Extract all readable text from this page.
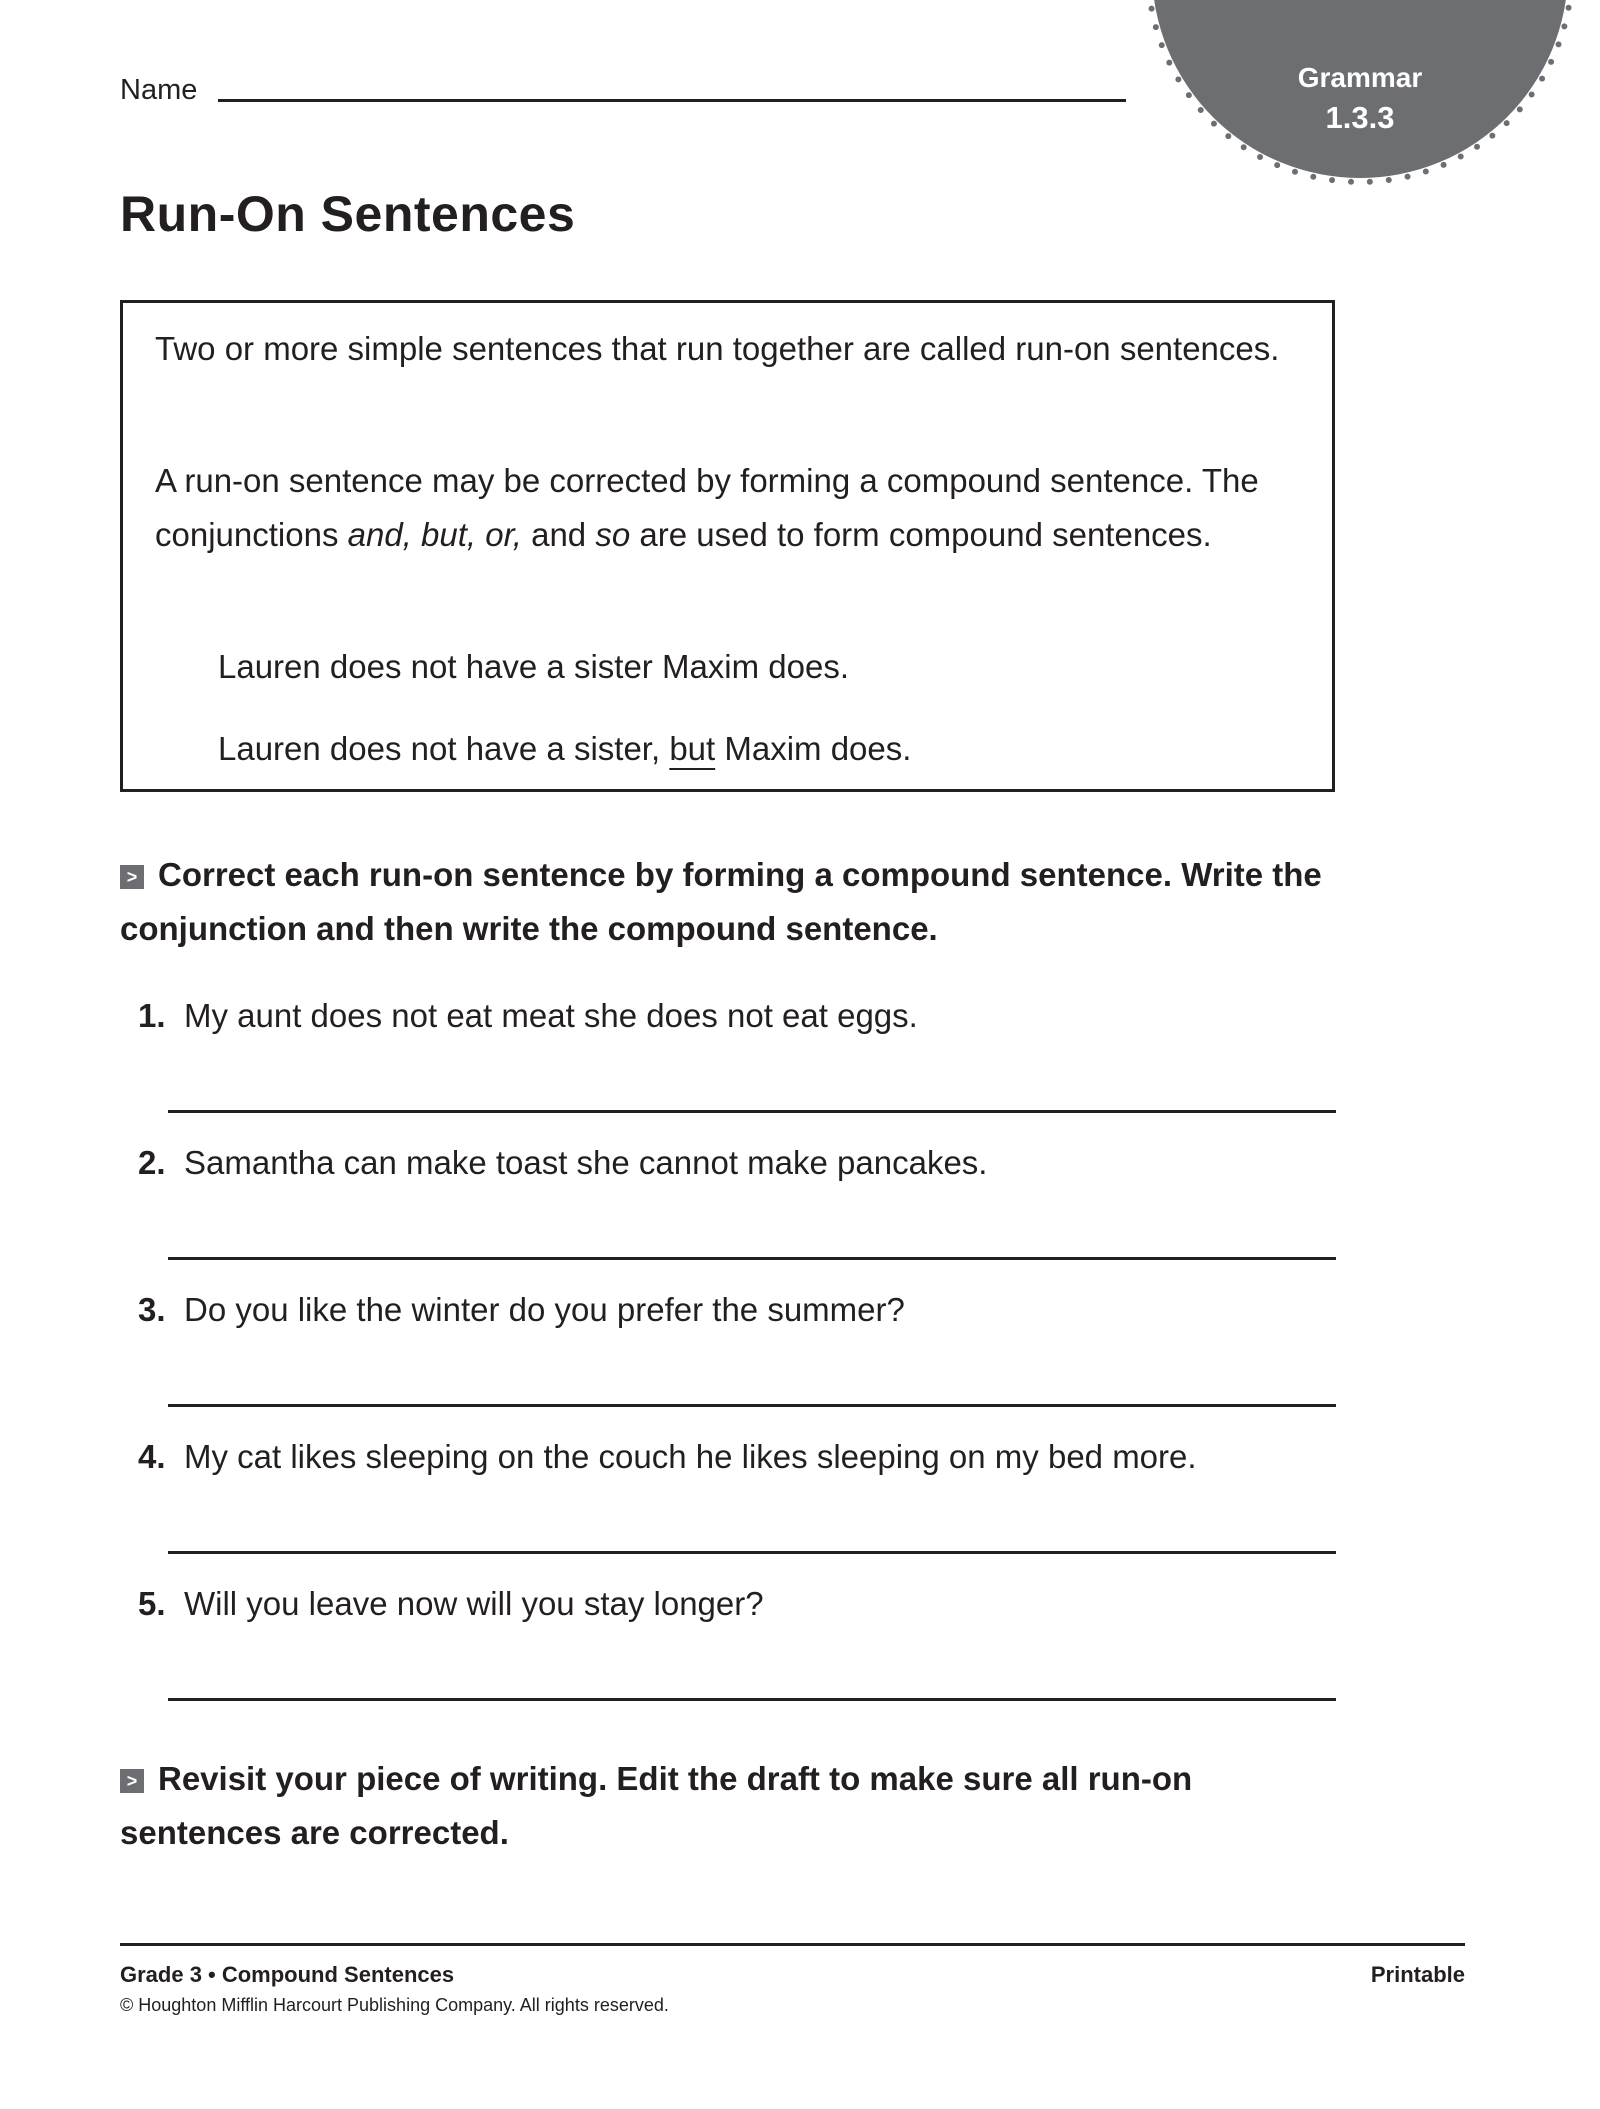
Grammar
1.3.3
Name
Run-On Sentences
Two or more simple sentences that run together are called run-on sentences.
A run-on sentence may be corrected by forming a compound sentence. The conjunctions and, but, or, and so are used to form compound sentences.
Lauren does not have a sister Maxim does.
Lauren does not have a sister, but Maxim does.
> Correct each run-on sentence by forming a compound sentence. Write the conjunction and then write the compound sentence.
1. My aunt does not eat meat she does not eat eggs.
2. Samantha can make toast she cannot make pancakes.
3. Do you like the winter do you prefer the summer?
4. My cat likes sleeping on the couch he likes sleeping on my bed more.
5. Will you leave now will you stay longer?
> Revisit your piece of writing. Edit the draft to make sure all run-on sentences are corrected.
Grade 3 • Compound Sentences	Printable
© Houghton Mifflin Harcourt Publishing Company. All rights reserved.
